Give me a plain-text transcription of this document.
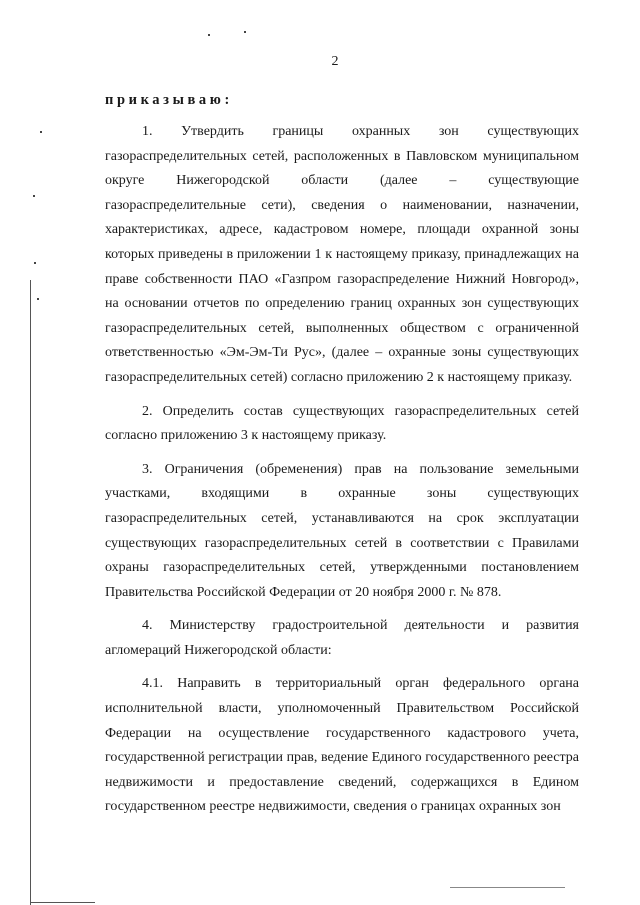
2
приказываю:

1. Утвердить границы охранных зон существующих газораспределительных сетей, расположенных в Павловском муниципальном округе Нижегородской области (далее – существующие газораспределительные сети), сведения о наименовании, назначении, характеристиках, адресе, кадастровом номере, площади охранной зоны которых приведены в приложении 1 к настоящему приказу, принадлежащих на праве собственности ПАО «Газпром газораспределение Нижний Новгород», на основании отчетов по определению границ охранных зон существующих газораспределительных сетей, выполненных обществом с ограниченной ответственностью «Эм-Эм-Ти Рус», (далее – охранные зоны существующих газораспределительных сетей) согласно приложению 2 к настоящему приказу.

2. Определить состав существующих газораспределительных сетей согласно приложению 3 к настоящему приказу.

3. Ограничения (обременения) прав на пользование земельными участками, входящими в охранные зоны существующих газораспределительных сетей, устанавливаются на срок эксплуатации существующих газораспределительных сетей в соответствии с Правилами охраны газораспределительных сетей, утвержденными постановлением Правительства Российской Федерации от 20 ноября 2000 г. № 878.

4. Министерству градостроительной деятельности и развития агломераций Нижегородской области:

4.1. Направить в территориальный орган федерального органа исполнительной власти, уполномоченный Правительством Российской Федерации на осуществление государственного кадастрового учета, государственной регистрации прав, ведение Единого государственного реестра недвижимости и предоставление сведений, содержащихся в Едином государственном реестре недвижимости, сведения о границах охранных зон
